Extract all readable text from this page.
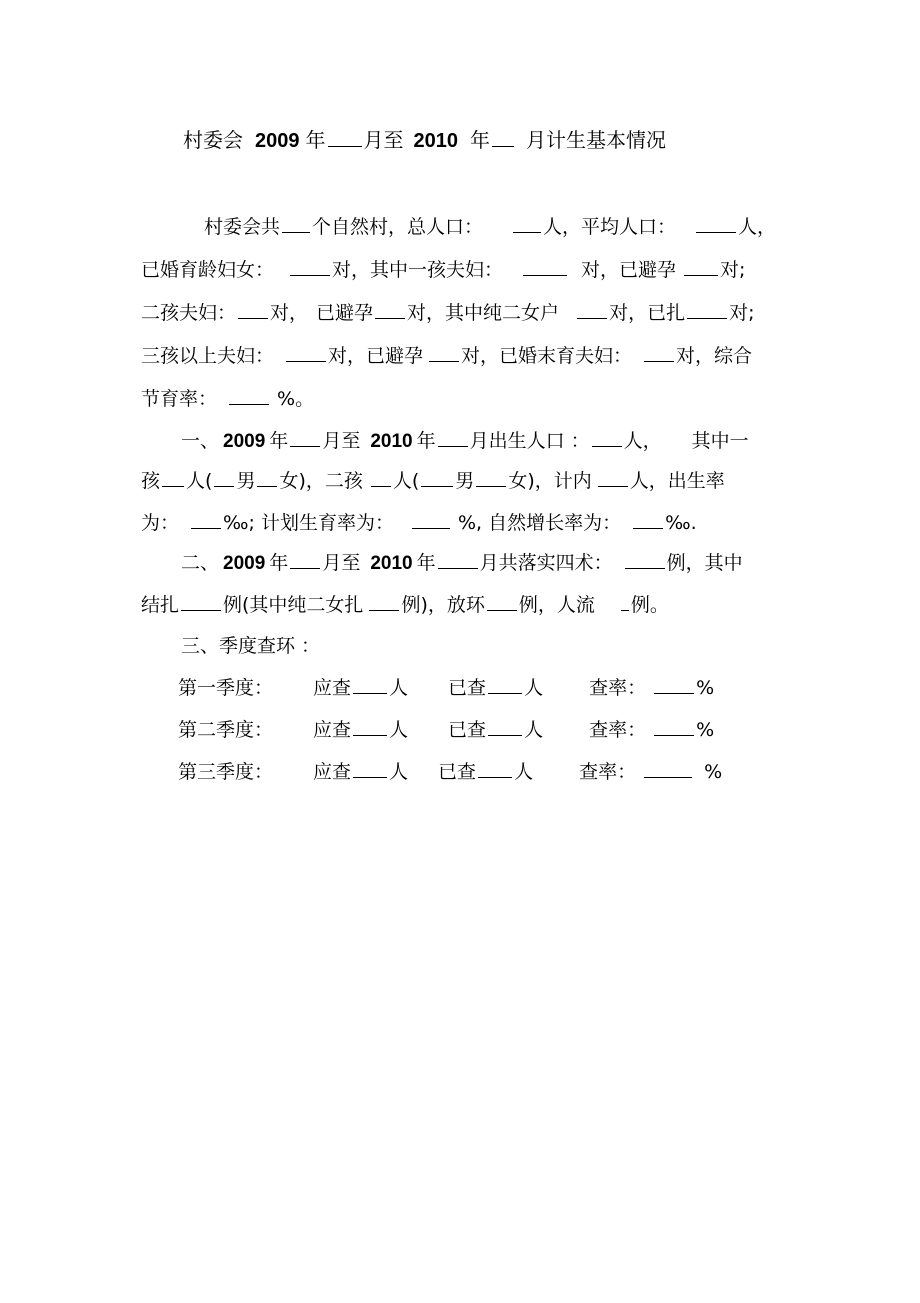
村委会 2009 年 月至 2010 年 月计生基本情况
村委会共 个自然村，总人口：	人，平均人口：	人，
已婚育龄妇女：	对，其中一孩夫妇：	对，已避孕 对;
二孩夫妇： 对， 已避孕 对，其中纯二女户	对，已扎 对;
三孩以上夫妇：	对，已避孕 对，已婚末育夫妇： 对，综合
节育率：	%。
一、 2009 年 月至 2010 年 月出生人口 ： 人， 其中一
孩 人( 男 女)，二孩 人( 男 女)，计内 人，出生率
为： ‰; 计划生育率为：	%, 自然增长率为： ‰.
二、 2009 年 月至 2010 年 月共落实四术：	例，其中
结扎 例(其中纯二女扎 例)，放环 例，人流 例。
三、季度查环 ：
第一季度： 应查 人 已查 人 查率：	%
第二季度： 应查 人 已查 人 查率：	%
第三季度： 应查 人 已查 人 查率：	%
